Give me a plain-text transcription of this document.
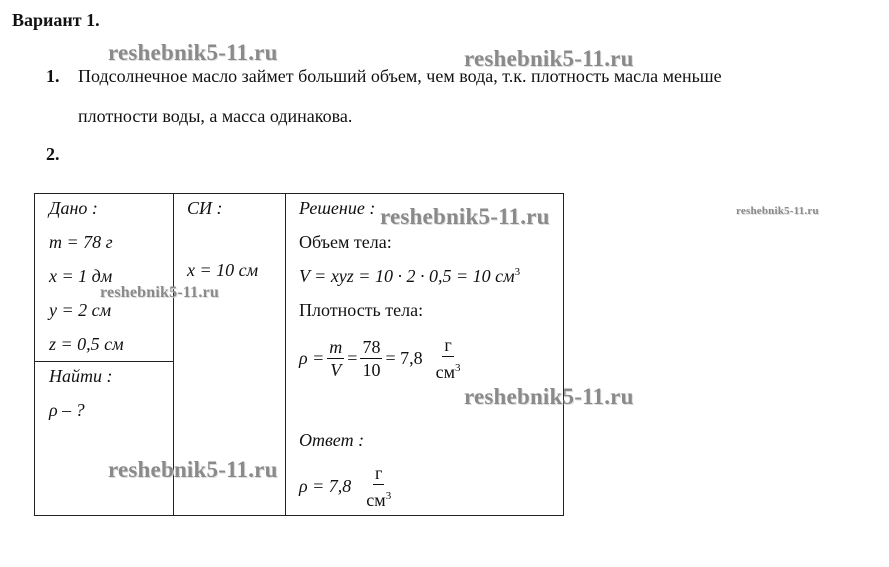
Вариант 1.
1. Подсолнечное масло займет больший объем, чем вода, т.к. плотность масла меньше
плотности воды, а масса одинакова.
2.
Дано :
m = 78 г
x = 1 дм
y = 2 см
z = 0,5 см
Найти :
ρ – ?
СИ :
x = 10 см
Решение :
Объем тела:
V = xyz = 10 · 2 · 0,5 = 10 $см^3$
Плотность тела:
$\rho = \frac{m}{V} = \frac{78}{10} = 7,8 \frac{г}{см^3}$
Ответ :
$\rho = 7,8 \frac{г}{см^3}$
reshebnik5-11.ru	reshebnik5-11.ru
reshebnik5-11.ru	reshebnik5-11.ru
reshebnik5-11.ru
reshebnik5-11.ru
reshebnik5-11.ru
